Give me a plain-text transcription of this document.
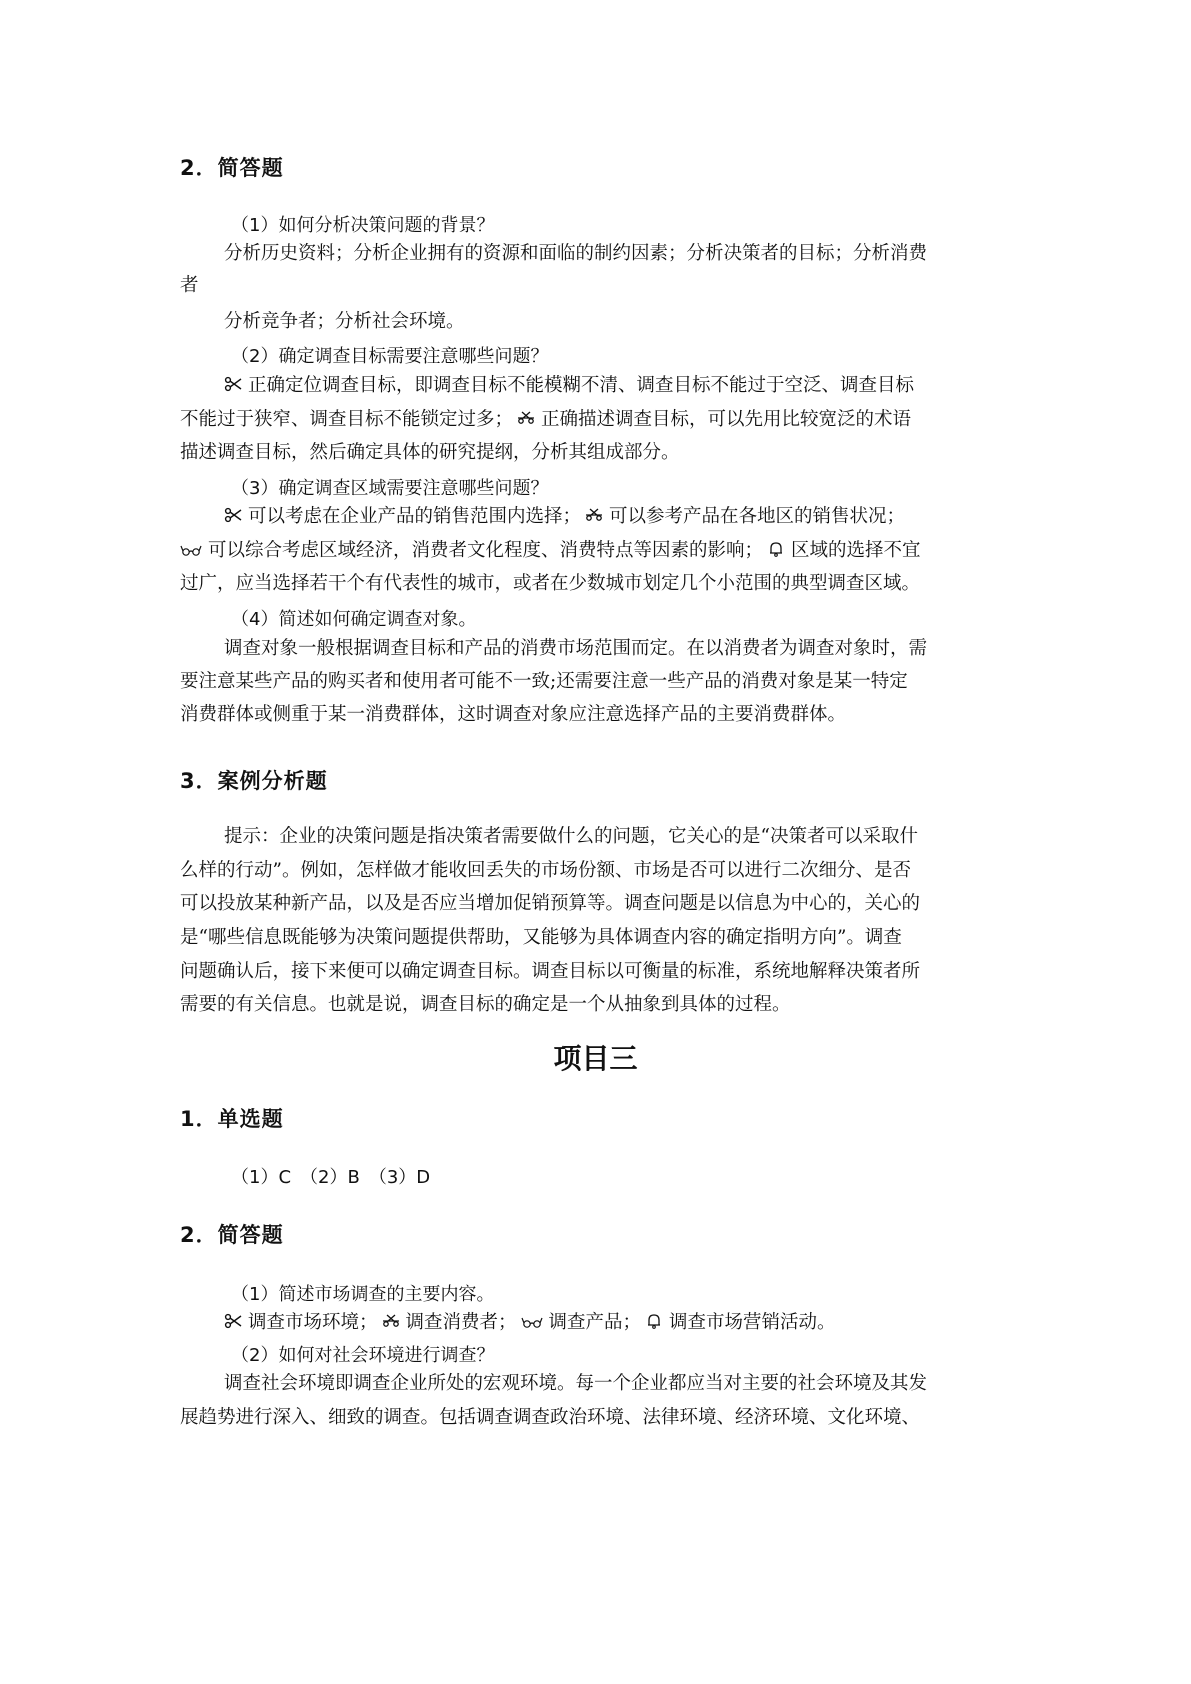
2．简答题
（1）如何分析决策问题的背景？
分析历史资料；分析企业拥有的资源和面临的制约因素；分析决策者的目标；分析消费
者
分析竞争者；分析社会环境。
（2）确定调查目标需要注意哪些问题？
正确定位调查目标，即调查目标不能模糊不清、调查目标不能过于空泛、调查目标
不能过于狭窄、调查目标不能锁定过多； 正确描述调查目标，可以先用比较宽泛的术语
描述调查目标，然后确定具体的研究提纲，分析其组成部分。
（3）确定调查区域需要注意哪些问题？
可以考虑在企业产品的销售范围内选择； 可以参考产品在各地区的销售状况；
可以综合考虑区域经济，消费者文化程度、消费特点等因素的影响； 区域的选择不宜
过广，应当选择若干个有代表性的城市，或者在少数城市划定几个小范围的典型调查区域。
（4）简述如何确定调查对象。
调查对象一般根据调查目标和产品的消费市场范围而定。在以消费者为调查对象时，需
要注意某些产品的购买者和使用者可能不一致;还需要注意一些产品的消费对象是某一特定
消费群体或侧重于某一消费群体，这时调查对象应注意选择产品的主要消费群体。
3．案例分析题
提示：企业的决策问题是指决策者需要做什么的问题，它关心的是“决策者可以采取什
么样的行动”。例如，怎样做才能收回丢失的市场份额、市场是否可以进行二次细分、是否
可以投放某种新产品，以及是否应当增加促销预算等。调查问题是以信息为中心的，关心的
是“哪些信息既能够为决策问题提供帮助，又能够为具体调查内容的确定指明方向”。调查
问题确认后，接下来便可以确定调查目标。调查目标以可衡量的标准，系统地解释决策者所
需要的有关信息。也就是说，调查目标的确定是一个从抽象到具体的过程。
项目三
1．单选题
（1）C　（2）B　（3）D
2．简答题
（1）简述市场调查的主要内容。
调查市场环境； 调查消费者； 调查产品； 调查市场营销活动。
（2）如何对社会环境进行调查？
调查社会环境即调查企业所处的宏观环境。每一个企业都应当对主要的社会环境及其发
展趋势进行深入、细致的调查。包括调查调查政治环境、法律环境、经济环境、文化环境、
